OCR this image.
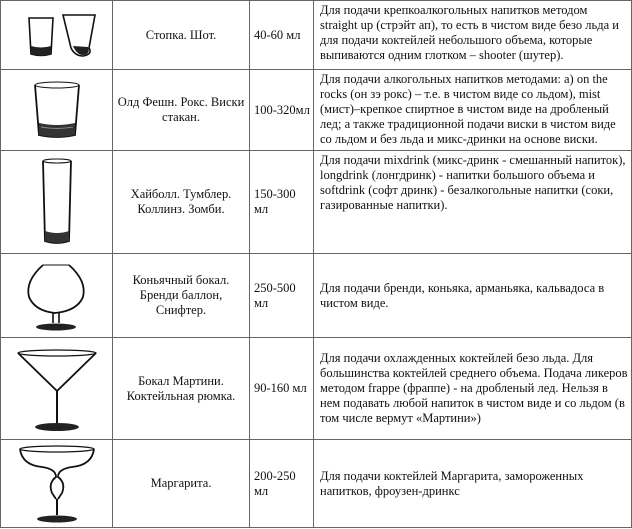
	Стопка. Шот.	40-60 мл	Для подачи крепкоалкогольных напитков методом straight up (стрэйт ап), то есть в чистом виде безо льда и для подачи коктейлей небольшого объема, которые выпиваются одним глотком – shooter (шутер).

	Олд Фешн. Рокс. Виски стакан.	100-320мл	Для подачи алкогольных напитков методами: a) on the rocks (он зэ рокс) – т.е. в чистом виде со льдом), mist (мист)–крепкое спиртное в чистом виде на дробленый лед; а также традиционной подачи виски в чистом виде со льдом и без льда и микс-дринки на основе виски.

	Хайболл. Тумблер. Коллинз. Зомби.	150-300 мл	Для подачи mixdrink (микс-дринк - смешанный напиток), longdrink (лонгдринк) - напитки большого объема и softdrink (софт дринк) - безалкогольные напитки (соки, газированные напитки).

	Коньячный бокал. Бренди баллон, Снифтер.	250-500 мл	Для подачи бренди, коньяка, арманьяка, кальвадоса в чистом виде.

	Бокал Мартини. Коктейльная рюмка.	90-160 мл	Для подачи охлажденных коктейлей безо льда. Для большинства коктейлей среднего объема. Подача ликеров методом frappe (фраппе) - на дробленый лед. Нельзя в нем подавать любой напиток в чистом виде и со льдом (в том числе вермут «Мартини»)

	Маргарита.	200-250 мл	Для подачи коктейлей Маргарита, замороженных напитков, фроузен-дринкс
